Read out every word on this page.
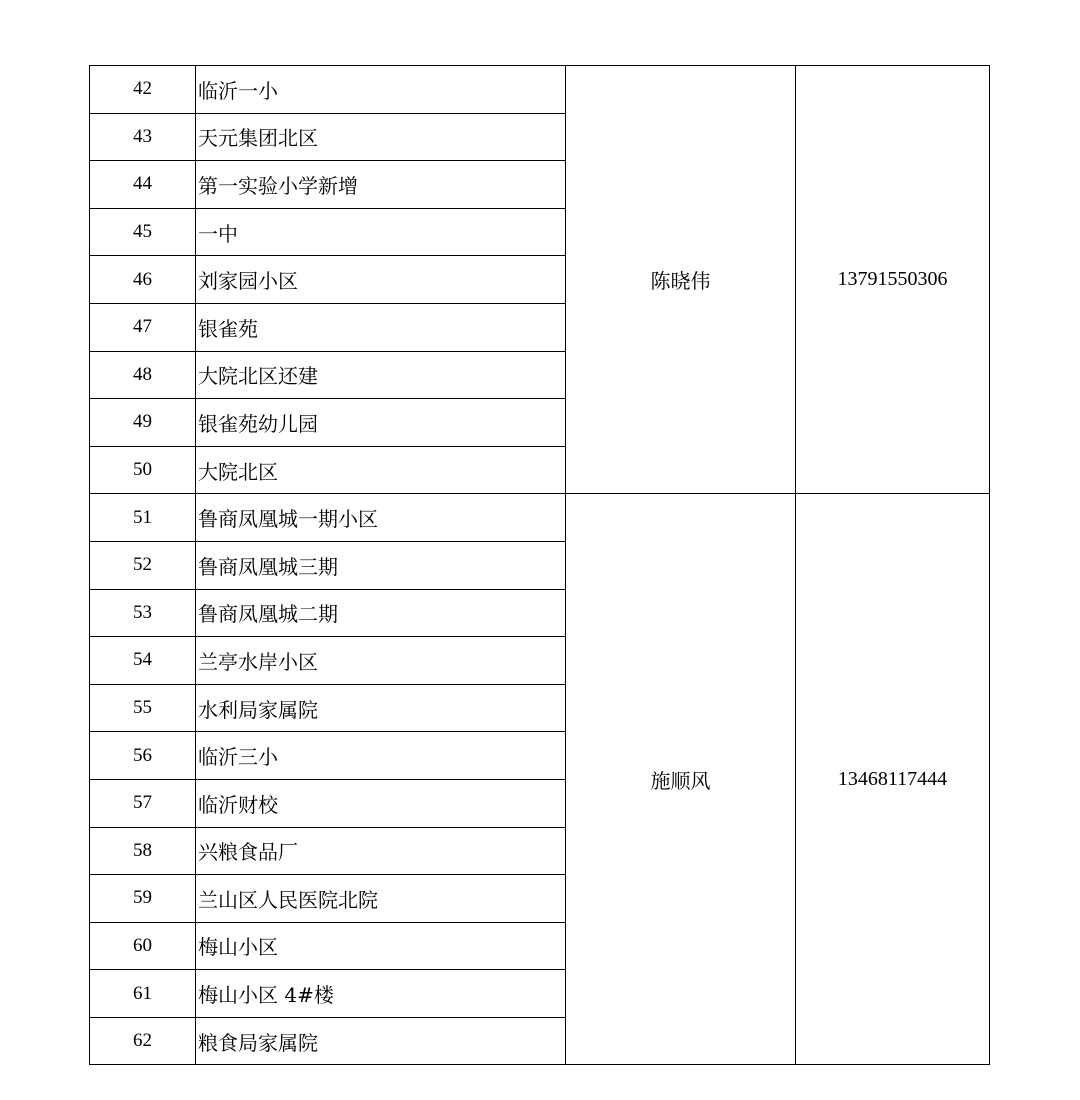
42	临沂一小	陈晓伟	13791550306
43	天元集团北区		
44	第一实验小学新增		
45	一中		
46	刘家园小区		
47	银雀苑		
48	大院北区还建		
49	银雀苑幼儿园		
50	大院北区		
51	鲁商凤凰城一期小区	施顺风	13468117444
52	鲁商凤凰城三期		
53	鲁商凤凰城二期		
54	兰亭水岸小区		
55	水利局家属院		
56	临沂三小		
57	临沂财校		
58	兴粮食品厂		
59	兰山区人民医院北院		
60	梅山小区		
61	梅山小区 4#楼		
62	粮食局家属院		
